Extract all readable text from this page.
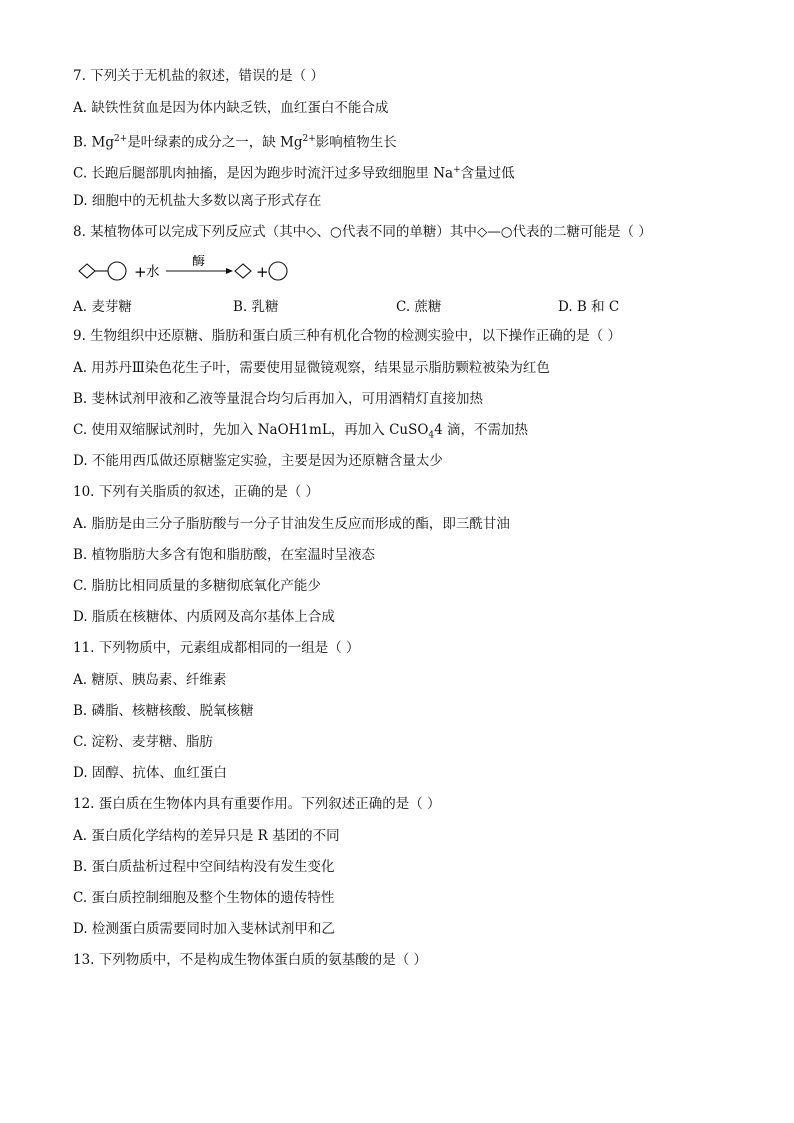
7. 下列关于无机盐的叙述，错误的是（ ）
A. 缺铁性贫血是因为体内缺乏铁，血红蛋白不能合成
B. $Mg^{2+}$是叶绿素的成分之一，缺 $Mg^{2+}$影响植物生长
C. 长跑后腿部肌肉抽搐，是因为跑步时流汗过多导致细胞里 Na+含量过低
D. 细胞中的无机盐大多数以离子形式存在
8. 某植物体可以完成下列反应式（其中◇、○代表不同的单糖）其中◇—○代表的二糖可能是（ ）
+ 水
酶
+
A. 麦芽糖	B. 乳糖	C. 蔗糖	D. B 和 C
9. 生物组织中还原糖、脂肪和蛋白质三种有机化合物的检测实验中，以下操作正确的是（ ）
A. 用苏丹Ⅲ染色花生子叶，需要使用显微镜观察，结果显示脂肪颗粒被染为红色
B. 斐林试剂甲液和乙液等量混合均匀后再加入，可用酒精灯直接加热
C. 使用双缩脲试剂时，先加入 NaOH1mL，再加入 CuSO$_4$4 滴，不需加热
D. 不能用西瓜做还原糖鉴定实验，主要是因为还原糖含量太少
10. 下列有关脂质的叙述，正确的是（ ）
A. 脂肪是由三分子脂肪酸与一分子甘油发生反应而形成的酯，即三酰甘油
B. 植物脂肪大多含有饱和脂肪酸，在室温时呈液态
C. 脂肪比相同质量的多糖彻底氧化产能少
D. 脂质在核糖体、内质网及高尔基体上合成
11. 下列物质中，元素组成都相同的一组是（ ）
A. 糖原、胰岛素、纤维素
B. 磷脂、核糖核酸、脱氧核糖
C. 淀粉、麦芽糖、脂肪
D. 固醇、抗体、血红蛋白
12. 蛋白质在生物体内具有重要作用。下列叙述正确的是（ ）
A. 蛋白质化学结构的差异只是 R 基团的不同
B. 蛋白质盐析过程中空间结构没有发生变化
C. 蛋白质控制细胞及整个生物体的遗传特性
D. 检测蛋白质需要同时加入斐林试剂甲和乙
13. 下列物质中，不是构成生物体蛋白质的氨基酸的是（ ）
